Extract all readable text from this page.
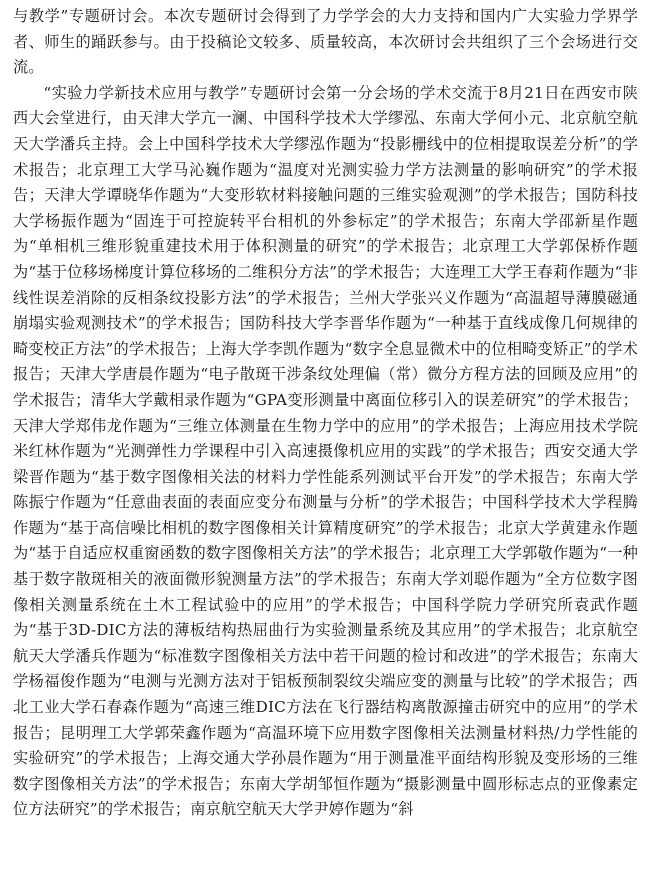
与教学”专题研讨会。本次专题研讨会得到了力学学会的大力支持和国内广大实验力学界学者、师生的踊跃参与。由于投稿论文较多、质量较高，本次研讨会共组织了三个会场进行交流。

“实验力学新技术应用与教学”专题研讨会第一分会场的学术交流于8月21日在西安市陕西大会堂进行，由天津大学亢一澜、中国科学技术大学缪泓、东南大学何小元、北京航空航天大学潘兵主持。会上中国科学技术大学缪泓作题为“投影栅线中的位相提取误差分析”的学术报告；北京理工大学马沁巍作题为“温度对光测实验力学方法测量的影响研究”的学术报告；天津大学谭晓华作题为“大变形软材料接触问题的三维实验观测”的学术报告；国防科技大学杨振作题为“固连于可控旋转平台相机的外参标定”的学术报告；东南大学邵新星作题为“单相机三维形貌重建技术用于体积测量的研究”的学术报告；北京理工大学郭保桥作题为“基于位移场梯度计算位移场的二维积分方法”的学术报告；大连理工大学王春莉作题为“非线性误差消除的反相条纹投影方法”的学术报告；兰州大学张兴义作题为“高温超导薄膜磁通崩塌实验观测技术”的学术报告；国防科技大学李晋华作题为“一种基于直线成像几何规律的畸变校正方法”的学术报告；上海大学李凯作题为“数字全息显微术中的位相畸变矫正”的学术报告；天津大学唐晨作题为“电子散斑干涉条纹处理偏（常）微分方程方法的回顾及应用”的学术报告；清华大学戴相录作题为“GPA变形测量中离面位移引入的误差研究”的学术报告；天津大学郑伟龙作题为“三维立体测量在生物力学中的应用”的学术报告；上海应用技术学院米红林作题为“光测弹性力学课程中引入高速摄像机应用的实践”的学术报告；西安交通大学梁晋作题为“基于数字图像相关法的材料力学性能系列测试平台开发”的学术报告；东南大学陈振宁作题为“任意曲表面的表面应变分布测量与分析”的学术报告；中国科学技术大学程腾作题为“基于高信噪比相机的数字图像相关计算精度研究”的学术报告；北京大学黄建永作题为“基于自适应权重窗函数的数字图像相关方法”的学术报告；北京理工大学郭敬作题为“一种基于数字散斑相关的液面微形貌测量方法”的学术报告；东南大学刘聪作题为“全方位数字图像相关测量系统在土木工程试验中的应用”的学术报告；中国科学院力学研究所袁武作题为“基于3D-DIC方法的薄板结构热屈曲行为实验测量系统及其应用”的学术报告；北京航空航天大学潘兵作题为“标准数字图像相关方法中若干问题的检讨和改进”的学术报告；东南大学杨福俊作题为“电测与光测方法对于铝板预制裂纹尖端应变的测量与比较”的学术报告；西北工业大学石春森作题为“高速三维DIC方法在飞行器结构离散源撞击研究中的应用”的学术报告；昆明理工大学郭荣鑫作题为“高温环境下应用数字图像相关法测量材料热/力学性能的实验研究”的学术报告；上海交通大学孙晨作题为“用于测量准平面结构形貌及变形场的三维数字图像相关方法”的学术报告；东南大学胡邹恒作题为“摄影测量中圆形标志点的亚像素定位方法研究”的学术报告；南京航空航天大学尹婷作题为“斜
